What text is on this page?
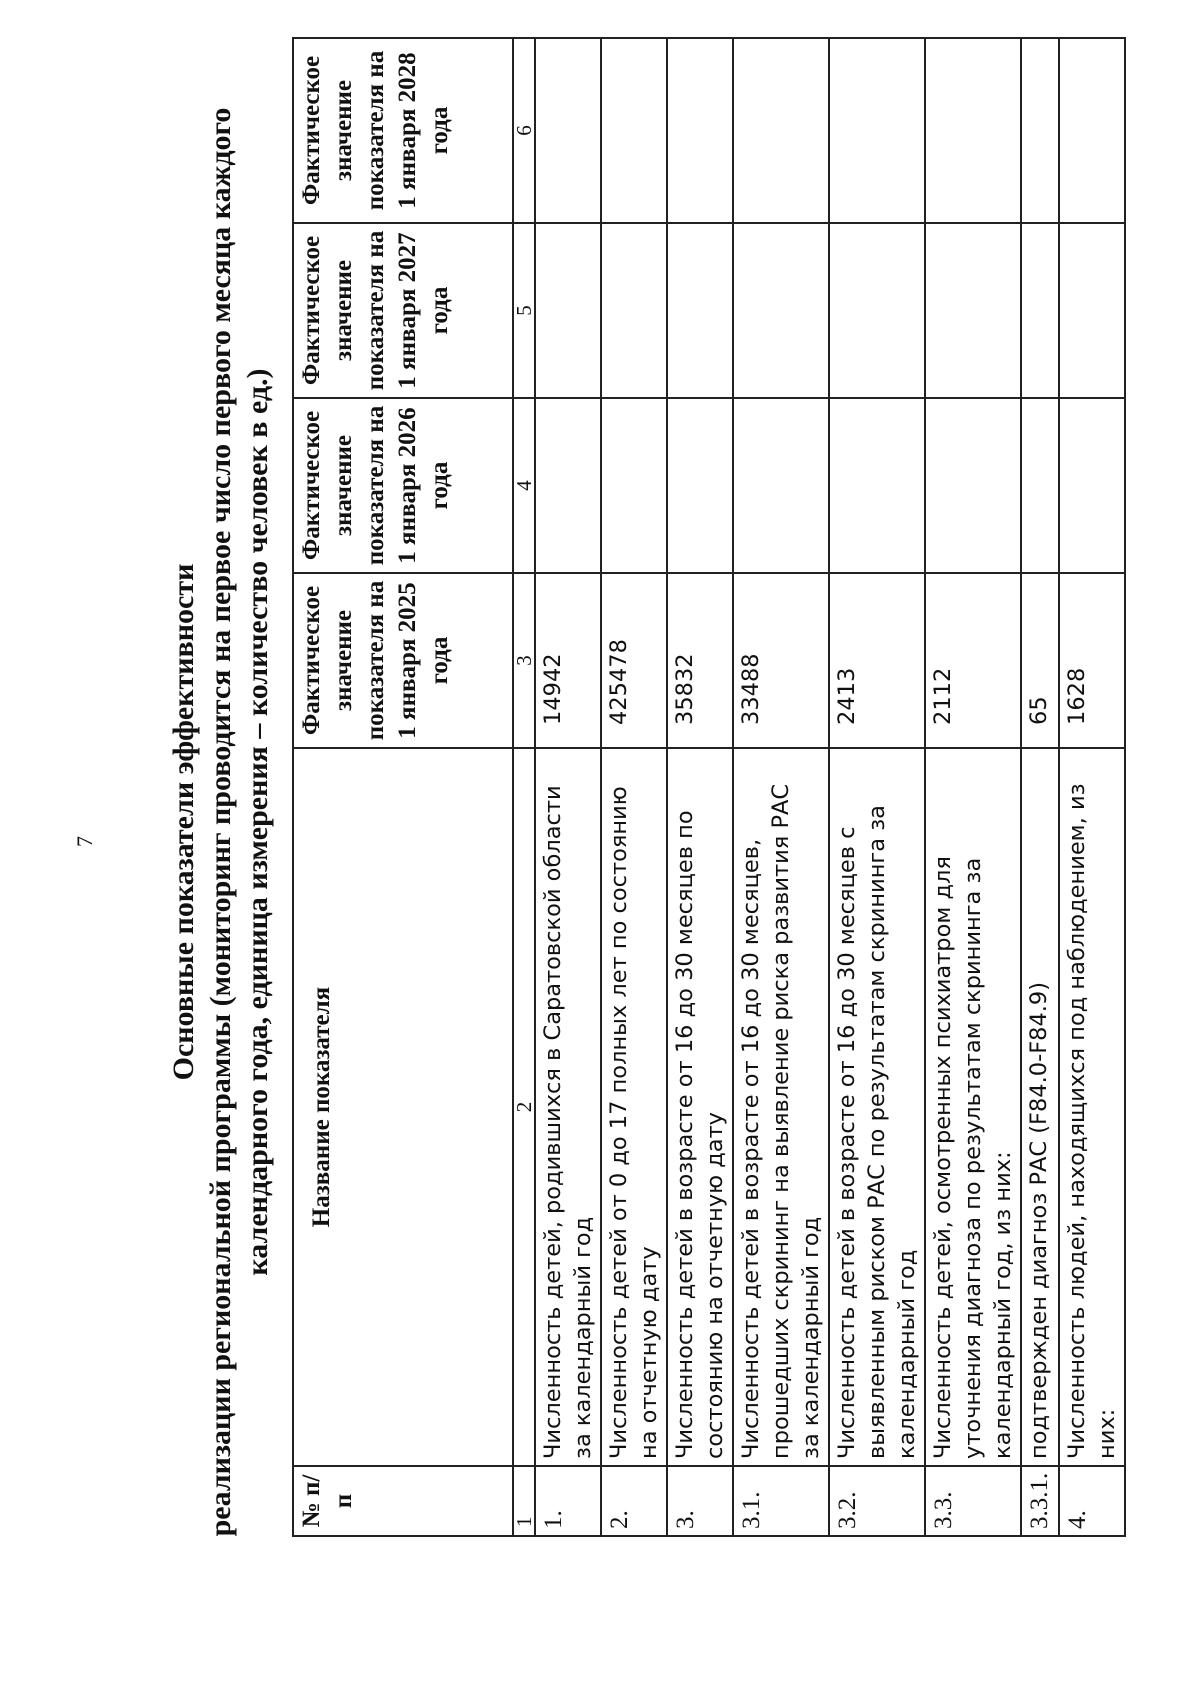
7 Основные показатели эффективности реализации региональной программы (мониторинг проводится на первое число первого месяца каждого календарного года, единица измерения – количество человек в ед.)
№ п/п	Название показателя	Фактическое значение показателя на 1 января 2025 года	Фактическое значение показателя на 1 января 2026 года	Фактическое значение показателя на 1 января 2027 года	Фактическое значение показателя на 1 января 2028 года
1	2	3	4	5	6
1.	Численность детей, родившихся в Саратовской области за календарный год	14942			
2.	Численность детей от 0 до 17 полных лет по состоянию на отчетную дату	425478			
3.	Численность детей в возрасте от 16 до 30 месяцев по состоянию на отчетную дату	35832			
3.1.	Численность детей в возрасте от 16 до 30 месяцев, прошедших скрининг на выявление риска развития РАС за календарный год	33488			
3.2.	Численность детей в возрасте от 16 до 30 месяцев с выявленным риском РАС по результатам скрининга за календарный год	2413			
3.3.	Численность детей, осмотренных психиатром для уточнения диагноза по результатам скрининга за календарный год, из них:	2112			
3.3.1.	подтвержден диагноз РАС (F84.0-F84.9)	65			
4.	Численность людей, находящихся под наблюдением, из них:	1628			
